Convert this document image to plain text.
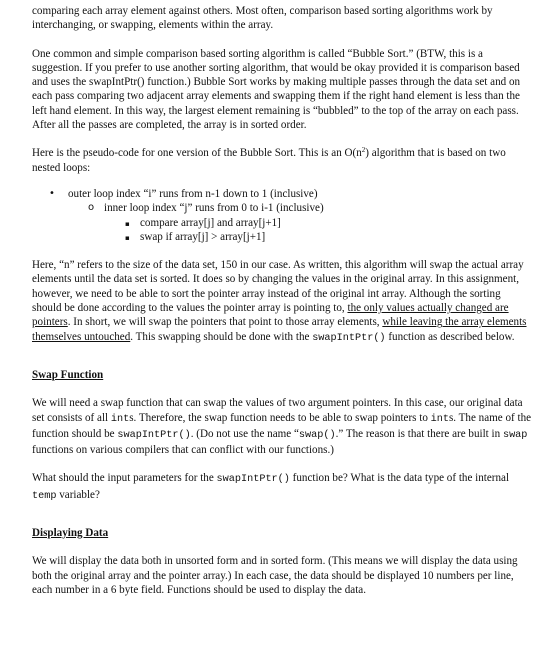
comparing each array element against others. Most often, comparison based sorting algorithms work by interchanging, or swapping, elements within the array.

One common and simple comparison based sorting algorithm is called “Bubble Sort.” (BTW, this is a suggestion. If you prefer to use another sorting algorithm, that would be okay provided it is comparison based and uses the swapIntPtr() function.) Bubble Sort works by making multiple passes through the data set and on each pass comparing two adjacent array elements and swapping them if the right hand element is less than the left hand element. In this way, the largest element remaining is “bubbled” to the top of the array on each pass. After all the passes are completed, the array is in sorted order.

Here is the pseudo-code for one version of the Bubble Sort. This is an $O(n^2)$ algorithm that is based on two nested loops:

• outer loop index “i” runs from n-1 down to 1 (inclusive)
o inner loop index “j” runs from 0 to i-1 (inclusive)
▪ compare array[j] and array[j+1]
▪ swap if array[j] > array[j+1]

Here, “n” refers to the size of the data set, 150 in our case. As written, this algorithm will swap the actual array elements until the data set is sorted. It does so by changing the values in the original array. In this assignment, however, we need to be able to sort the pointer array instead of the original int array. Although the sorting should be done according to the values the pointer array is pointing to, the only values actually changed are pointers. In short, we will swap the pointers that point to those array elements, while leaving the array elements themselves untouched. This swapping should be done with the swapIntPtr() function as described below.

Swap Function

We will need a swap function that can swap the values of two argument pointers. In this case, our original data set consists of all ints. Therefore, the swap function needs to be able to swap pointers to ints. The name of the function should be swapIntPtr(). (Do not use the name “swap().” The reason is that there are built in swap functions on various compilers that can conflict with our functions.)

What should the input parameters for the swapIntPtr() function be? What is the data type of the internal temp variable?

Displaying Data

We will display the data both in unsorted form and in sorted form. (This means we will display the data using both the original array and the pointer array.) In each case, the data should be displayed 10 numbers per line, each number in a 6 byte field. Functions should be used to display the data.
